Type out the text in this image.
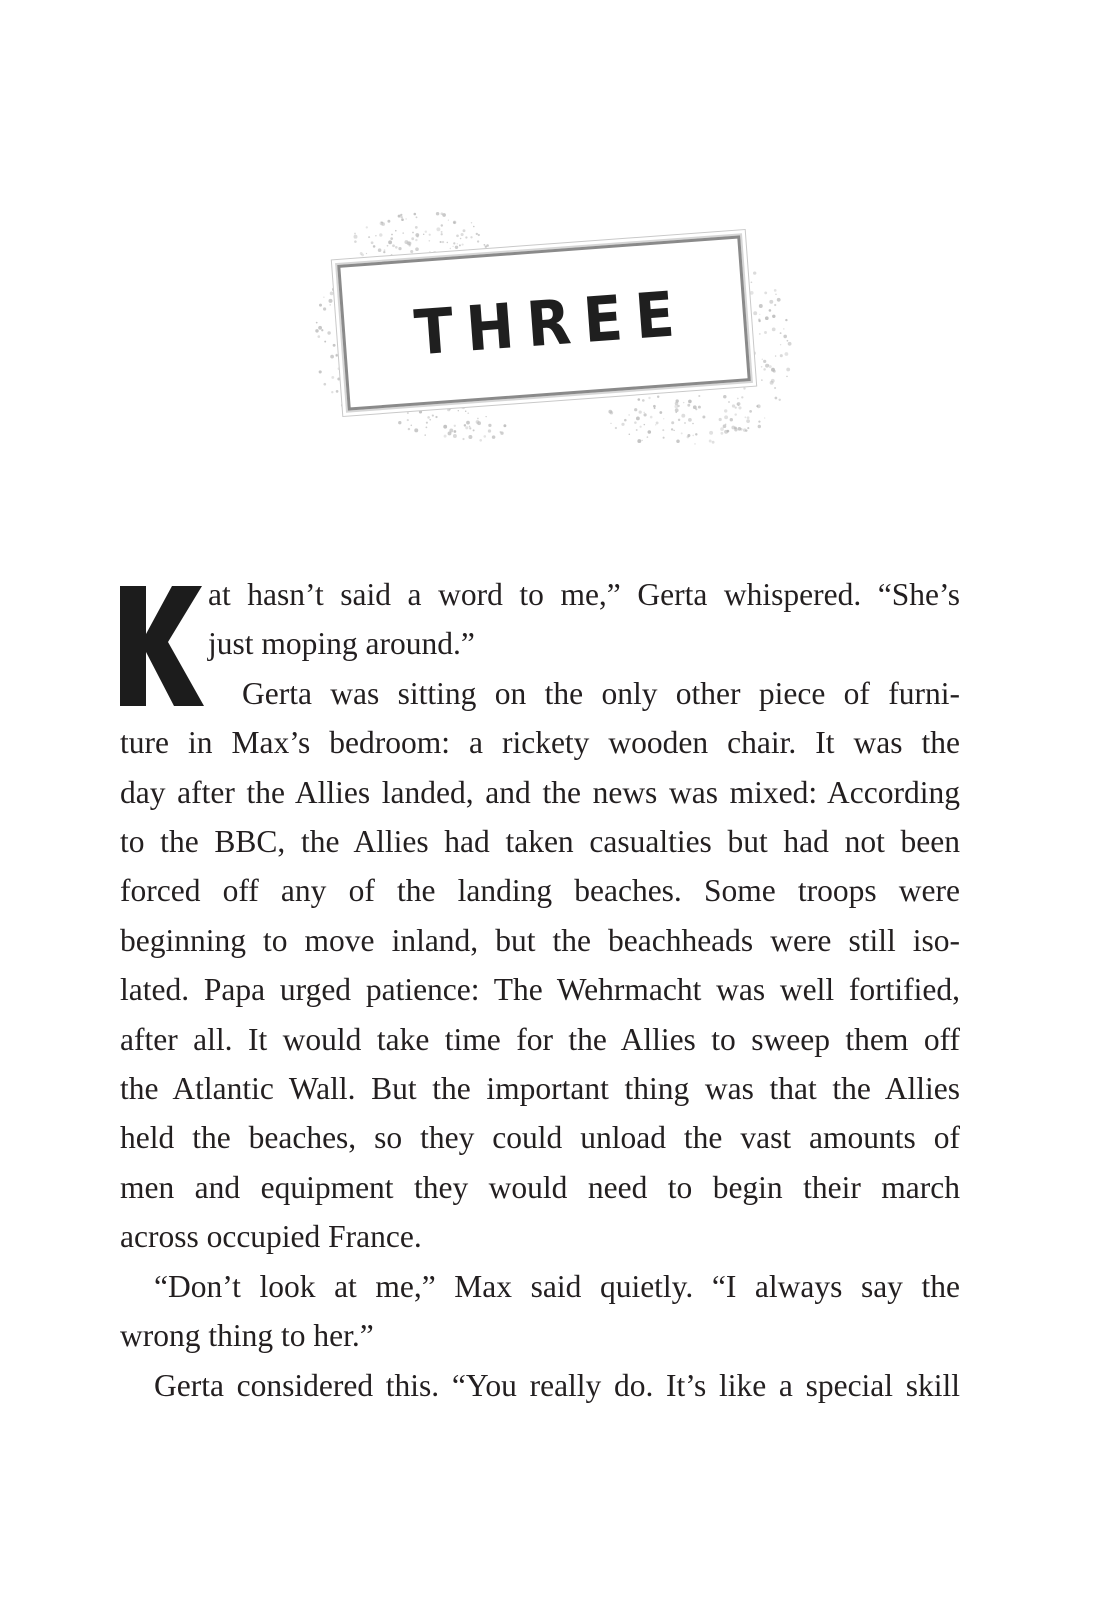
THREE
at hasn’t said a word to me,” Gerta whispered. “She’s
just moping around.”
Gerta was sitting on the only other piece of furni-
ture in Max’s bedroom: a rickety wooden chair. It was the
day after the Allies landed, and the news was mixed: According
to the BBC, the Allies had taken casualties but had not been
forced off any of the landing beaches. Some troops were
beginning to move inland, but the beachheads were still iso-
lated. Papa urged patience: The Wehrmacht was well fortified,
after all. It would take time for the Allies to sweep them off
the Atlantic Wall. But the important thing was that the Allies
held the beaches, so they could unload the vast amounts of
men and equipment they would need to begin their march
across occupied France.
“Don’t look at me,” Max said quietly. “I always say the
wrong thing to her.”
Gerta considered this. “You really do. It’s like a special skill
